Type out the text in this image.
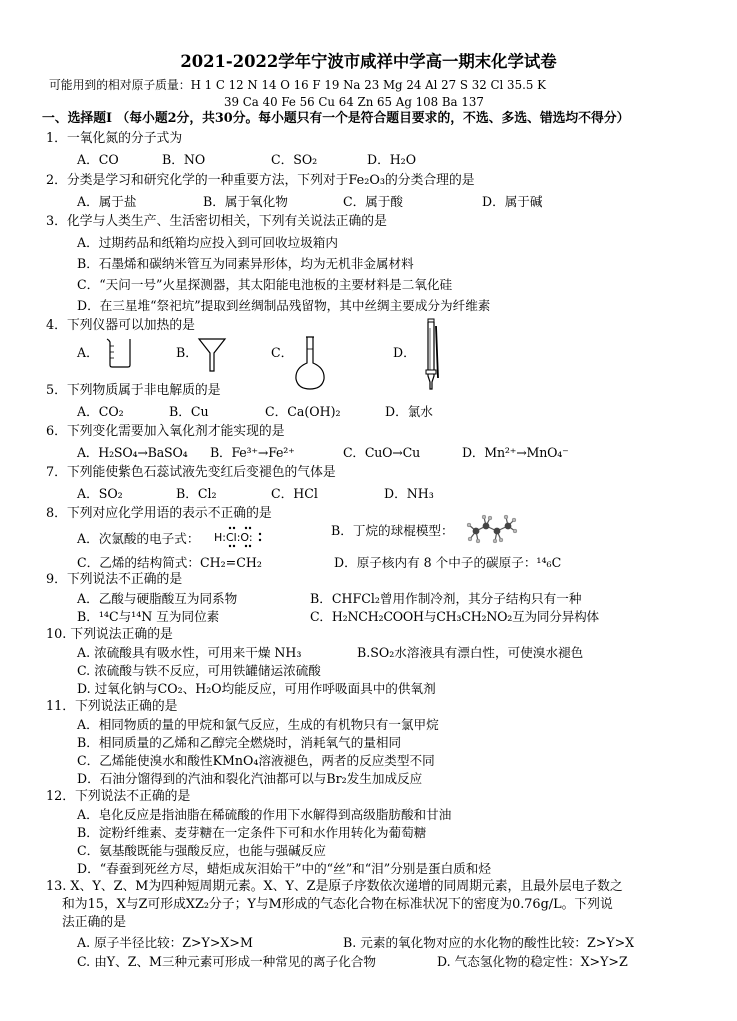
2021-2022学年宁波市咸祥中学高一期末化学试卷
可能用到的相对原子质量：H 1 C 12 N 14 O 16 F 19 Na 23 Mg 24 Al 27 S 32 Cl 35.5 K
39 Ca 40 Fe 56 Cu 64 Zn 65 Ag 108 Ba 137
一、选择题Ⅰ （每小题2分，共30分。每小题只有一个是符合题目要求的，不选、多选、错选均不得分）
1．一氧化氮的分子式为
A．CO	B．NO	C．SO₂	D．H₂O
2．分类是学习和研究化学的一种重要方法，下列对于Fe₂O₃的分类合理的是
A．属于盐	B．属于氧化物	C．属于酸	D．属于碱
3．化学与人类生产、生活密切相关，下列有关说法正确的是
A．过期药品和纸箱均应投入到可回收垃圾箱内
B．石墨烯和碳纳米管互为同素异形体，均为无机非金属材料
C．“天问一号”火星探测器，其太阳能电池板的主要材料是二氧化硅
D．在三星堆“祭祀坑”提取到丝绸制品残留物，其中丝绸主要成分为纤维素
4．下列仪器可以加热的是
A．	B．	C．	D．
5．下列物质属于非电解质的是
A．CO₂	B．Cu	C．Ca(OH)₂	D．氯水
6．下列变化需要加入氧化剂才能实现的是
A．H₂SO₄→BaSO₄ B．Fe³⁺→Fe²⁺	C．CuO→Cu	D．Mn²⁺→MnO₄⁻
7．下列能使紫色石蕊试液先变红后变褪色的气体是
A．SO₂	B．Cl₂	C．HCl	D．NH₃
8．下列对应化学用语的表示不正确的是
A．次氯酸的电子式： H:Cl:O:	B．丁烷的球棍模型：
C．乙烯的结构简式：CH₂=CH₂	D．原子核内有 8 个中子的碳原子：¹⁴₆C
9．下列说法不正确的是
A．乙酸与硬脂酸互为同系物	B．CHFCl₂曾用作制冷剂，其分子结构只有一种
B．¹⁴C与¹⁴N 互为同位素	C．H₂NCH₂COOH与CH₃CH₂NO₂互为同分异构体
10. 下列说法正确的是
A. 浓硫酸具有吸水性，可用来干燥 NH₃	B.SO₂水溶液具有漂白性，可使溴水褪色
C. 浓硫酸与铁不反应，可用铁罐储运浓硫酸
D. 过氧化钠与CO₂、H₂O均能反应，可用作呼吸面具中的供氧剂
11．下列说法正确的是
A．相同物质的量的甲烷和氯气反应，生成的有机物只有一氯甲烷
B．相同质量的乙烯和乙醇完全燃烧时，消耗氧气的量相同
C．乙烯能使溴水和酸性KMnO₄溶液褪色，两者的反应类型不同
D．石油分馏得到的汽油和裂化汽油都可以与Br₂发生加成反应
12．下列说法不正确的是
A．皂化反应是指油脂在稀硫酸的作用下水解得到高级脂肪酸和甘油
B．淀粉纤维素、麦芽糖在一定条件下可和水作用转化为葡萄糖
C．氨基酸既能与强酸反应，也能与强碱反应
D．“春蚕到死丝方尽，蜡炬成灰泪始干”中的“丝”和“泪”分别是蛋白质和烃
13. X、Y、Z、M为四种短周期元素。X、Y、Z是原子序数依次递增的同周期元素，且最外层电子数之
和为15，X与Z可形成XZ₂分子；Y与M形成的气态化合物在标准状况下的密度为0.76g/L。下列说
法正确的是
A. 原子半径比较：Z>Y>X>M	B. 元素的氧化物对应的水化物的酸性比较：Z>Y>X
C. 由Y、Z、M三种元素可形成一种常见的离子化合物	D. 气态氢化物的稳定性：X>Y>Z
